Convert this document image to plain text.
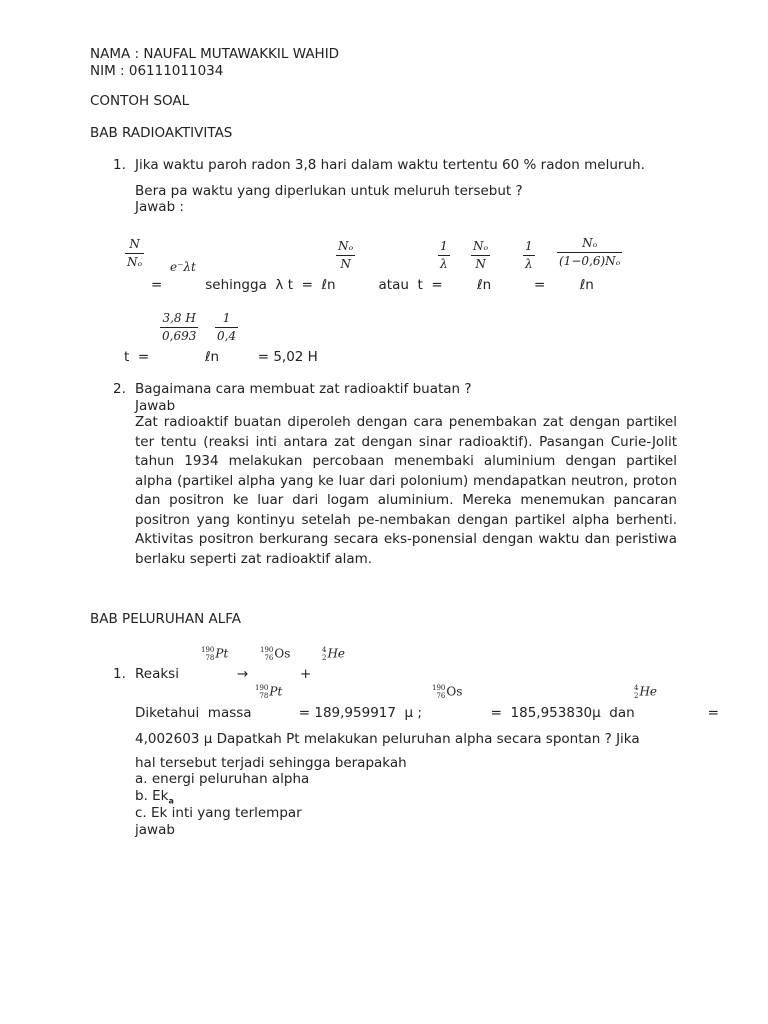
NAMA : NAUFAL MUTAWAKKIL WAHID
NIM : 06111011034
CONTOH SOAL
BAB RADIOAKTIVITAS
1. Jika waktu paroh radon 3,8 hari dalam waktu tertentu 60 % radon meluruh.
Bera pa waktu yang diperlukan untuk meluruh tersebut ?
Jawab :
$\frac{N}{\text{Nₒ}} e^-\lambda t$	$\frac{\text{Nₒ}}{N}$	$\frac{1}{\lambda} \frac{\text{Nₒ}}{N}$	$\frac{1}{\lambda} \frac{\text{Nₒ}}{\text{(1−0,6)Nₒ}}$
=          sehingga  λ t  =  ℓn          atau  t  =        ℓn          =        ℓn
$\frac{3,8 H}{0,693} \frac{1}{0,4}$
t  =             ℓn         = 5,02 H
2. Bagaimana cara membuat zat radioaktif buatan ?
Jawab
Zat radioaktif buatan diperoleh dengan cara penembakan zat dengan partikel ter tentu (reaksi inti antara zat dengan sinar radioaktif). Pasangan Curie-Jolit tahun 1934 melakukan percobaan menembaki aluminium dengan partikel alpha (partikel alpha yang ke luar dari polonium) mendapatkan neutron, proton dan positron ke luar dari logam aluminium. Mereka menemukan pancaran positron yang kontinyu setelah pe-nembakan dengan partikel alpha berhenti. Aktivitas positron berkurang secara eks-ponensial dengan waktu dan peristiwa berlaku seperti zat radioaktif alam.
BAB PELURUHAN ALFA
190
78Pt	190
76Os	4
2He
1. Reaksi	→	+
190
78Pt	190
76Os	4
2He
Diketahui  massa           = 189,959917  μ ;                =  185,953830μ  dan                 =
4,002603 μ Dapatkah Pt melakukan peluruhan alpha secara spontan ? Jika
hal tersebut terjadi sehingga berapakah
a. energi peluruhan alpha
b. $Ek_a$
c. Ek inti yang terlempar
jawab
